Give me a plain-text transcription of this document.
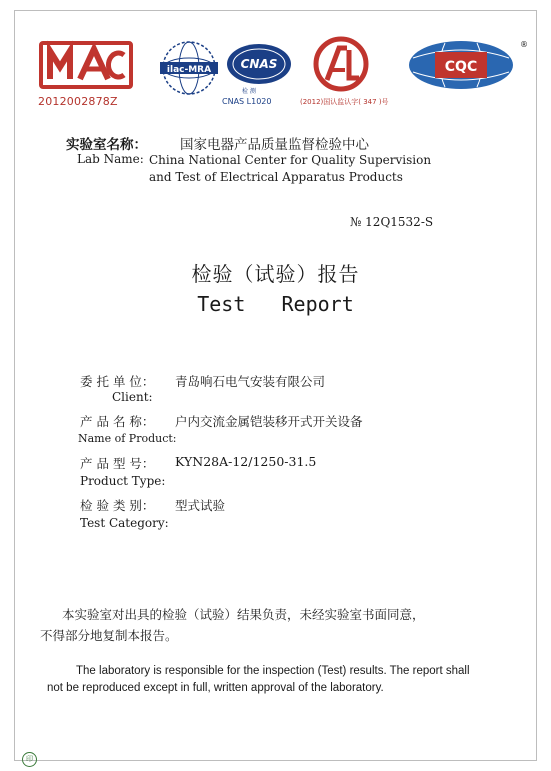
2012002878Z
ilac-MRA CNAS
检 测
CNAS L1020	(2012)国认监认字( 347 )号
CQC
®
实验室名称： 国家电器产品质量监督检验中心
Lab Name: China National Center for Quality Supervision
and Test of Electrical Apparatus Products
№ 12Q1532-S
检验（试验）报告
Test   Report
委 托 单 位： 青岛响石电气安装有限公司
Client:
产 品 名 称： 户内交流金属铠装移开式开关设备
Name of Product:
产 品 型 号： KYN28A-12/1250-31.5
Product Type:
检 验 类 别： 型式试验
Test Category:
本实验室对出具的检验（试验）结果负责，未经实验室书面同意，
不得部分地复制本报告。
The laboratory is responsible for the inspection (Test) results. The report shall
not be reproduced except in full, written approval of the laboratory.
印
